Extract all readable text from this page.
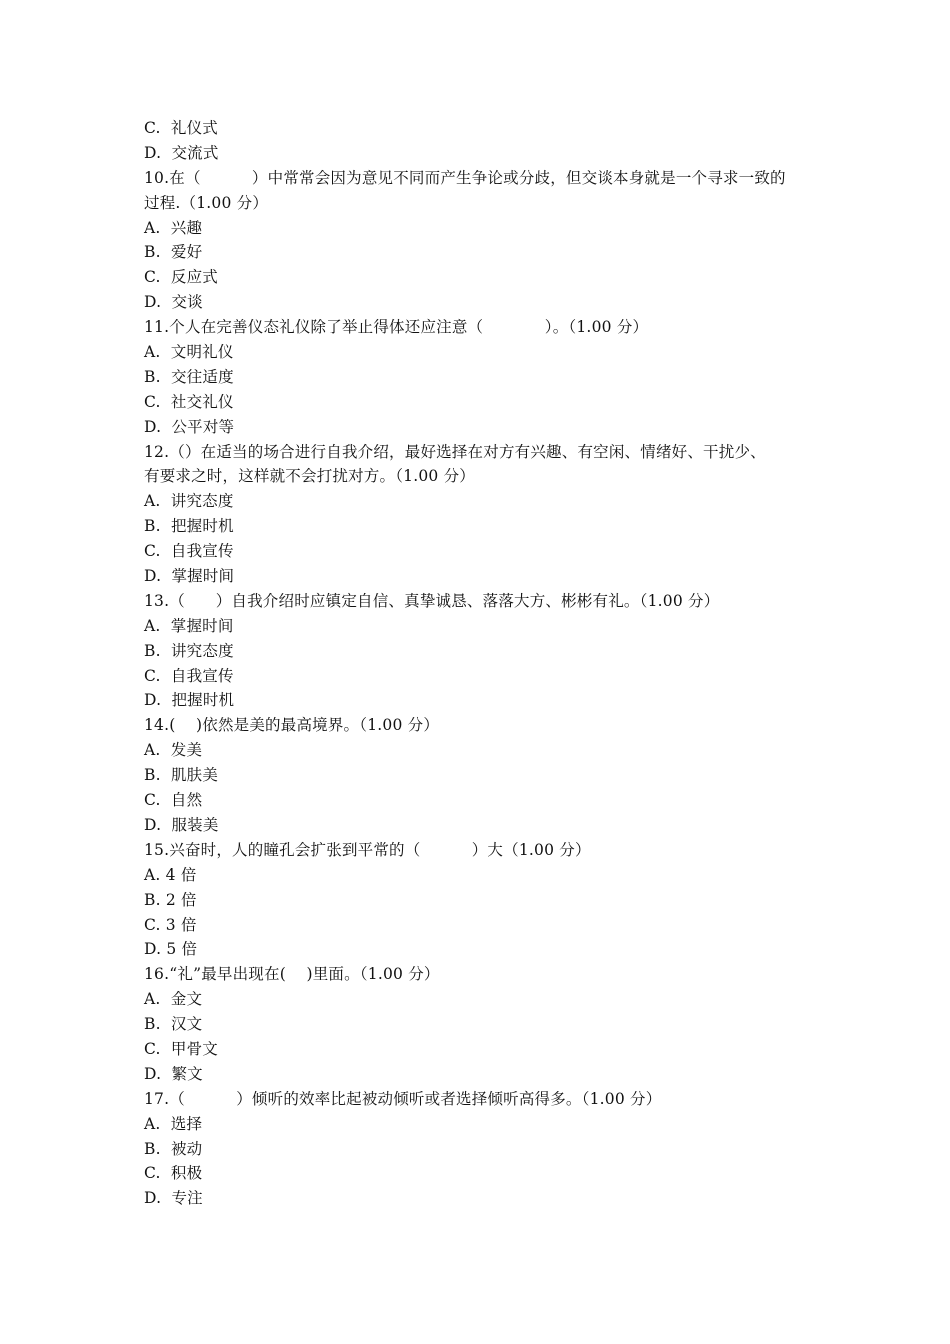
C.  礼仪式
D.  交流式
10.在（          ）中常常会因为意见不同而产生争论或分歧，但交谈本身就是一个寻求一致的
过程.（1.00 分）
A.  兴趣
B.  爱好
C.  反应式
D.  交谈
11.个人在完善仪态礼仪除了举止得体还应注意（            ）。（1.00 分）
A.  文明礼仪
B.  交往适度
C.  社交礼仪
D.  公平对等
12.（）在适当的场合进行自我介绍，最好选择在对方有兴趣、有空闲、情绪好、干扰少、
有要求之时，这样就不会打扰对方。（1.00 分）
A.  讲究态度
B.  把握时机
C.  自我宣传
D.  掌握时间
13.（      ）自我介绍时应镇定自信、真挚诚恳、落落大方、彬彬有礼。（1.00 分）
A.  掌握时间
B.  讲究态度
C.  自我宣传
D.  把握时机
14.(    )依然是美的最高境界。（1.00 分）
A.  发美
B.  肌肤美
C.  自然
D.  服装美
15.兴奋时，人的瞳孔会扩张到平常的（          ）大（1.00 分）
A. 4 倍
B. 2 倍
C. 3 倍
D. 5 倍
16.“礼”最早出现在(    )里面。（1.00 分）
A.  金文
B.  汉文
C.  甲骨文
D.  繁文
17.（          ）倾听的效率比起被动倾听或者选择倾听高得多。（1.00 分）
A.  选择
B.  被动
C.  积极
D.  专注
